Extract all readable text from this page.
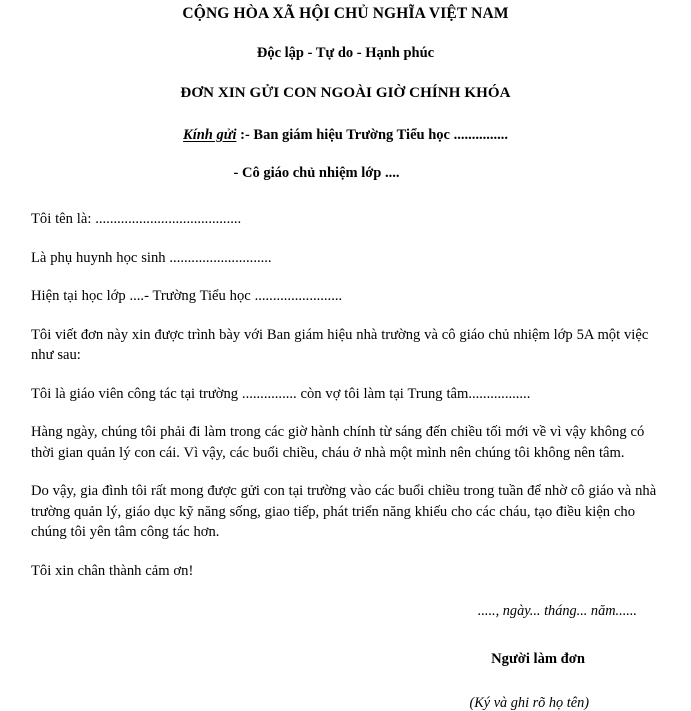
CỘNG HÒA XÃ HỘI CHỦ NGHĨA VIỆT NAM
Độc lập - Tự do - Hạnh phúc
ĐƠN XIN GỬI CON NGOÀI GIỜ CHÍNH KHÓA
Kính gửi :- Ban giám hiệu Trường Tiểu học ...............
- Cô giáo chủ nhiệm lớp ....

Tôi tên là: ........................................

Là phụ huynh học sinh ............................

Hiện tại học lớp ....- Trường Tiểu học ........................

Tôi viết đơn này xin được trình bày với Ban giám hiệu nhà trường và cô giáo chủ nhiệm lớp 5A một việc như sau:

Tôi là giáo viên công tác tại trường ............... còn vợ tôi làm tại Trung tâm.................

Hàng ngày, chúng tôi phải đi làm trong các giờ hành chính từ sáng đến chiều tối mới về vì vậy không có thời gian quản lý con cái. Vì vậy, các buổi chiều, cháu ở nhà một mình nên chúng tôi không nên tâm.

Do vậy, gia đình tôi rất mong được gửi con tại trường vào các buổi chiều trong tuần để nhờ cô giáo và nhà trường quản lý, giáo dục kỹ năng sống, giao tiếp, phát triển năng khiếu cho các cháu, tạo điều kiện cho chúng tôi yên tâm công tác hơn.

Tôi xin chân thành cảm ơn!

....., ngày... tháng... năm......
Người làm đơn
(Ký và ghi rõ họ tên)
